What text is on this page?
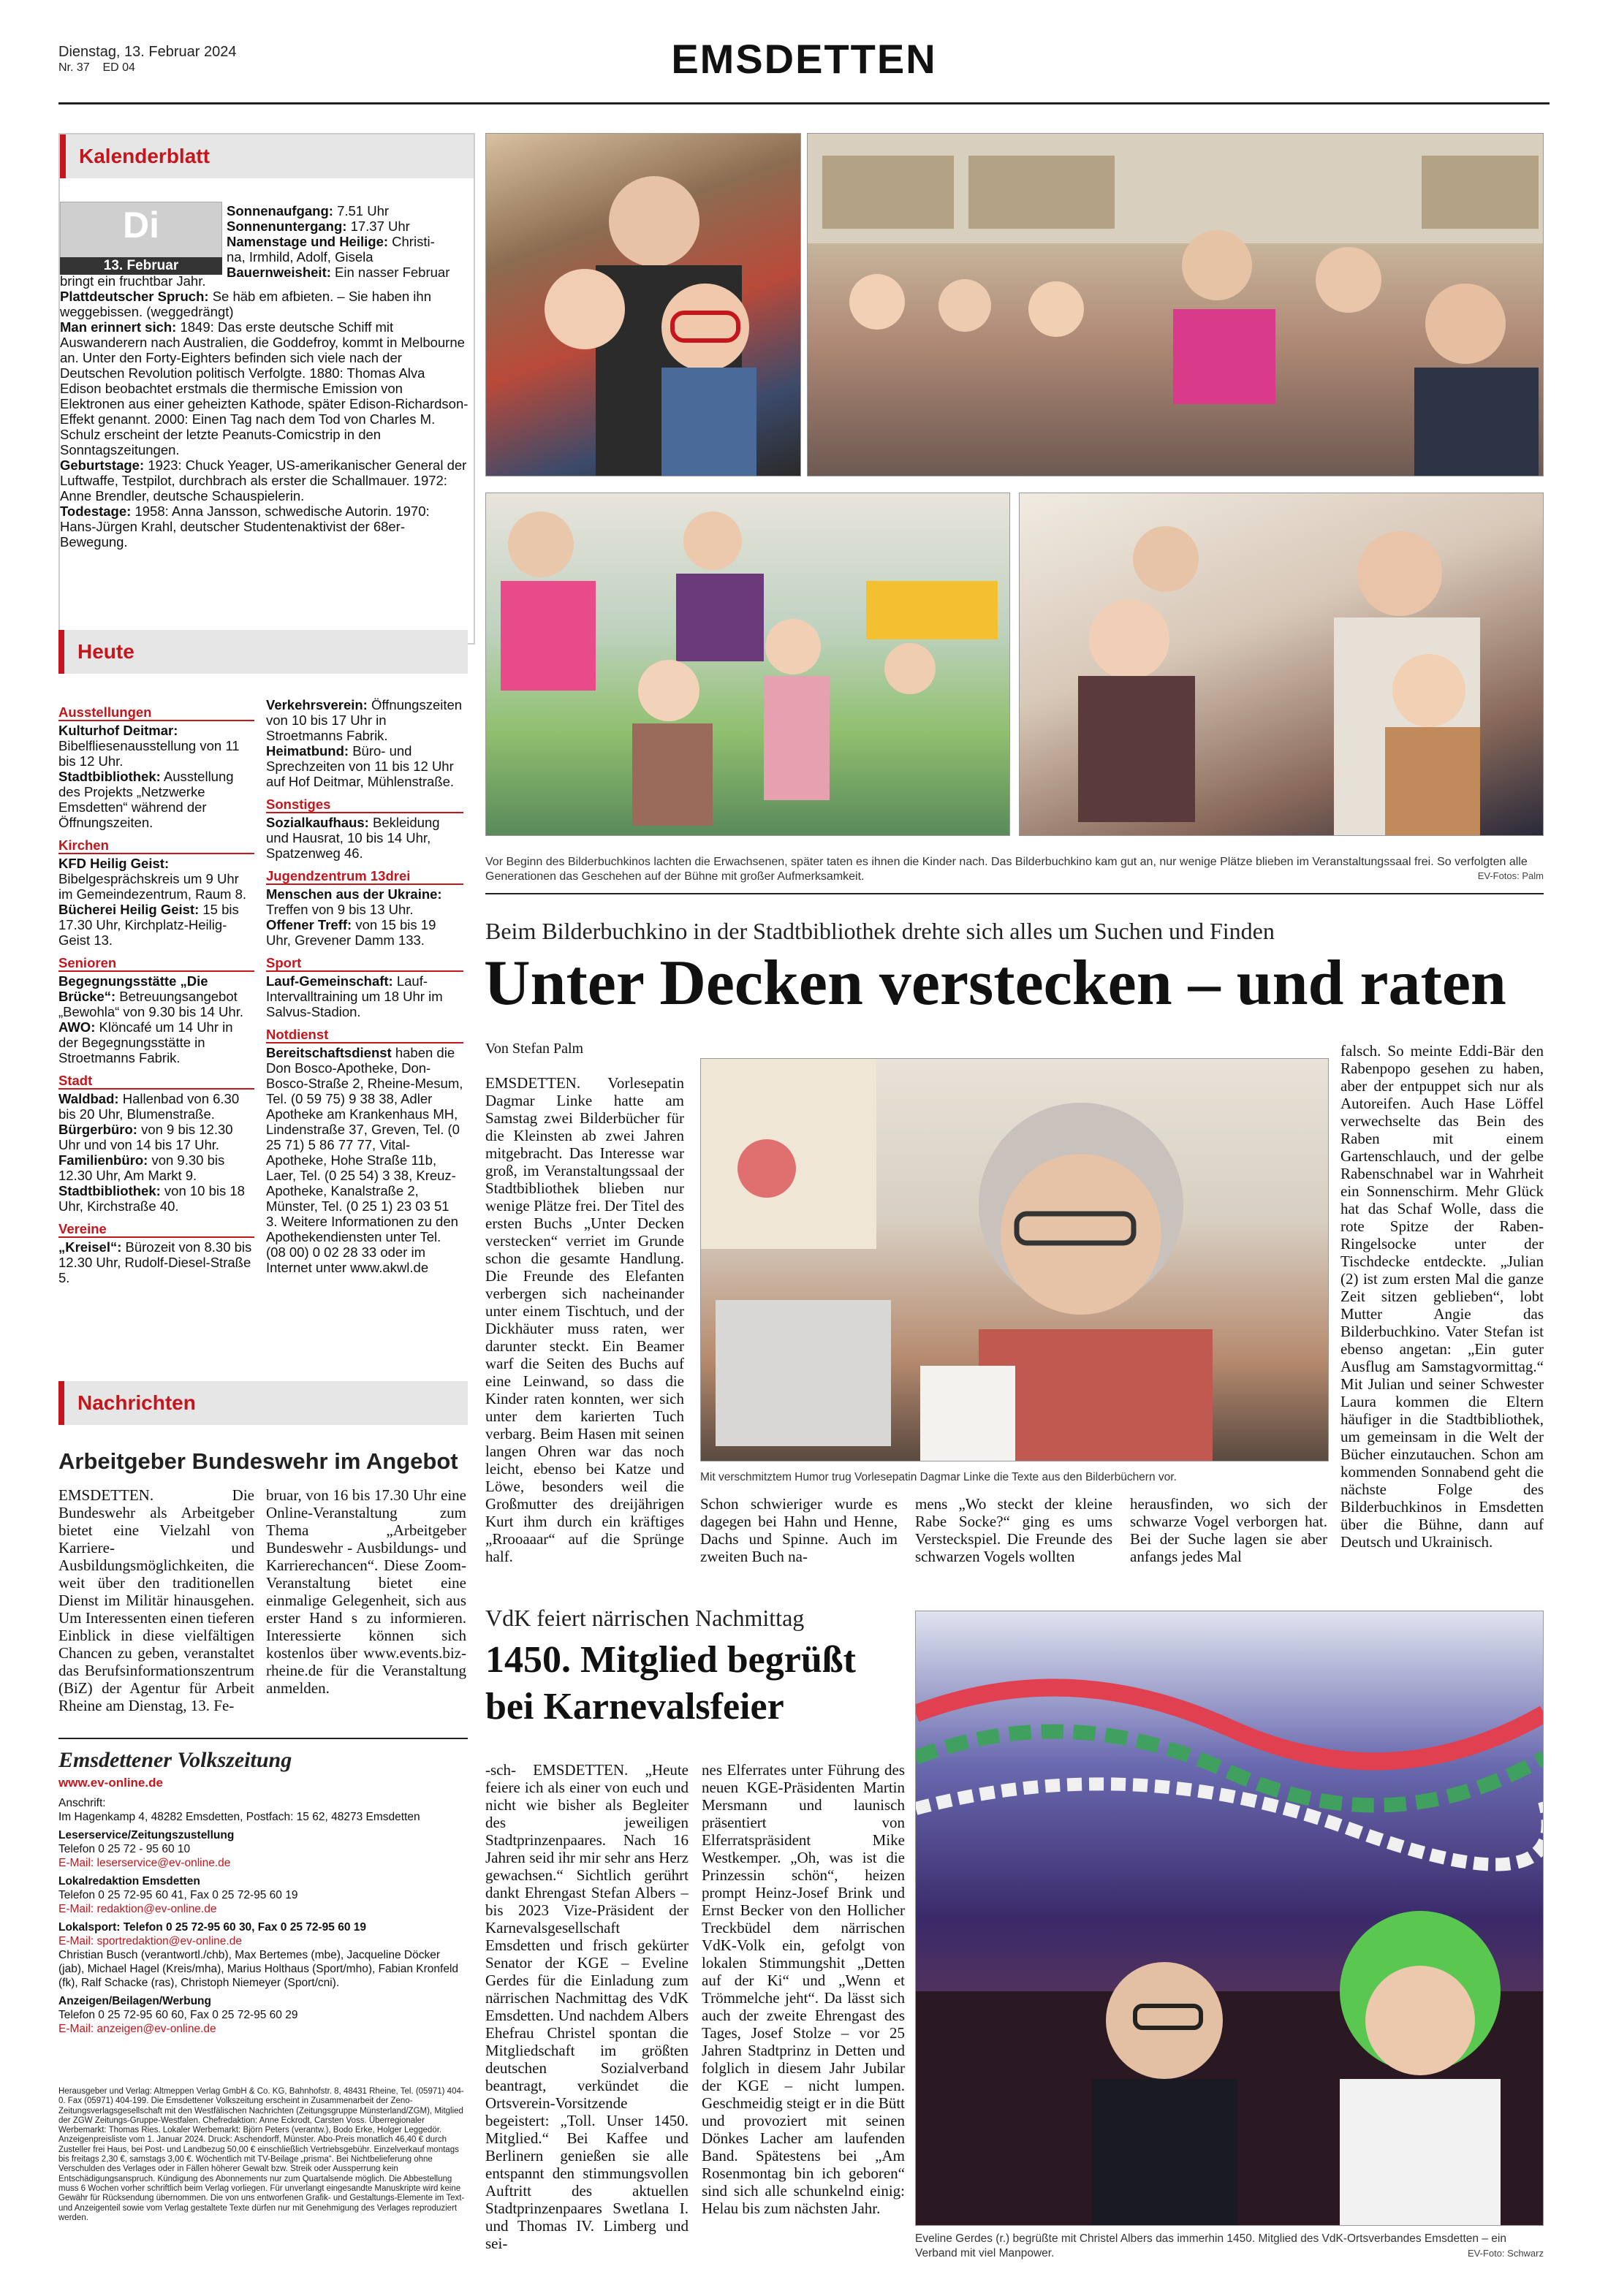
Dienstag, 13. Februar 2024
Nr. 37 ED 04	EMSDETTEN
Kalenderblatt
Di
13. Februar
Sonnenaufgang: 7.51 Uhr
Sonnenuntergang: 17.37 Uhr
Namenstage und Heilige: Christi-
na, Irmhild, Adolf, Gisela
Bauernweisheit: Ein nasser Februar
bringt ein fruchtbar Jahr.
Plattdeutscher Spruch: Se häb em afbieten. – Sie haben ihn weggebissen. (weggedrängt)
Man erinnert sich: 1849: Das erste deutsche Schiff mit Auswanderern nach Australien, die Goddefroy, kommt in Melbourne an. Unter den Forty-Eighters befinden sich viele nach der Deutschen Revolution politisch Verfolgte. 1880: Thomas Alva Edison beobachtet erstmals die thermische Emission von Elektronen aus einer geheizten Kathode, später Edison-Richardson-Effekt genannt. 2000: Einen Tag nach dem Tod von Charles M. Schulz erscheint der letzte Peanuts-Comicstrip in den Sonntagszeitungen.
Geburtstage: 1923: Chuck Yeager, US-amerikanischer General der Luftwaffe, Testpilot, durchbrach als erster die Schallmauer. 1972: Anne Brendler, deutsche Schauspielerin.
Todestage: 1958: Anna Jansson, schwedische Autorin. 1970: Hans-Jürgen Krahl, deutscher Studentenaktivist der 68er-Bewegung.
Heute
Ausstellungen
Kulturhof Deitmar: Bibelfliesenausstellung von 11 bis 12 Uhr.
Stadtbibliothek: Ausstellung des Projekts „Netzwerke Emsdetten“ während der Öffnungszeiten.
Kirchen
KFD Heilig Geist: Bibelgesprächskreis um 9 Uhr im Gemeindezentrum, Raum 8.
Bücherei Heilig Geist: 15 bis 17.30 Uhr, Kirchplatz-Heilig-Geist 13.
Senioren
Begegnungsstätte „Die Brücke“: Betreuungsangebot „Bewohla“ von 9.30 bis 14 Uhr.
AWO: Klöncafé um 14 Uhr in der Begegnungsstätte in Stroetmanns Fabrik.
Stadt
Waldbad: Hallenbad von 6.30 bis 20 Uhr, Blumenstraße.
Bürgerbüro: von 9 bis 12.30 Uhr und von 14 bis 17 Uhr.
Familienbüro: von 9.30 bis 12.30 Uhr, Am Markt 9.
Stadtbibliothek: von 10 bis 18 Uhr, Kirchstraße 40.
Vereine
„Kreisel“: Bürozeit von 8.30 bis 12.30 Uhr, Rudolf-Diesel-Straße 5.
Verkehrsverein: Öffnungszeiten von 10 bis 17 Uhr in Stroetmanns Fabrik.
Heimatbund: Büro- und Sprechzeiten von 11 bis 12 Uhr auf Hof Deitmar, Mühlenstraße.
Sonstiges
Sozialkaufhaus: Bekleidung und Hausrat, 10 bis 14 Uhr, Spatzenweg 46.
Jugendzentrum 13drei
Menschen aus der Ukraine: Treffen von 9 bis 13 Uhr.
Offener Treff: von 15 bis 19 Uhr, Grevener Damm 133.
Sport
Lauf-Gemeinschaft: Lauf-Intervalltraining um 18 Uhr im Salvus-Stadion.
Notdienst
Bereitschaftsdienst haben die Don Bosco-Apotheke, Don-Bosco-Straße 2, Rheine-Mesum, Tel. (0 59 75) 9 38 38, Adler Apotheke am Krankenhaus MH, Lindenstraße 37, Greven, Tel. (0 25 71) 5 86 77 77, Vital-Apotheke, Hohe Straße 11b, Laer, Tel. (0 25 54) 3 38, Kreuz-Apotheke, Kanalstraße 2, Münster, Tel. (0 25 1) 23 03 51 3. Weitere Informationen zu den Apothekendiensten unter Tel. (08 00) 0 02 28 33 oder im Internet unter www.akwl.de
Nachrichten
Arbeitgeber Bundeswehr im Angebot
EMSDETTEN. Die Bundeswehr als Arbeitgeber bietet eine Vielzahl von Karriere- und Ausbildungsmöglichkeiten, die weit über den traditionellen Dienst im Militär hinausgehen. Um Interessenten einen tieferen Einblick in diese vielfältigen Chancen zu geben, veranstaltet das Berufsinformationszentrum (BiZ) der Agentur für Arbeit Rheine am Dienstag, 13. Fe-
bruar, von 16 bis 17.30 Uhr eine Online-Veranstaltung zum Thema „Arbeitgeber Bundeswehr - Ausbildungs- und Karrierechancen“. Diese Zoom-Veranstaltung bietet eine einmalige Gelegenheit, sich aus erster Hand s zu informieren. Interessierte können sich kostenlos über www.events.biz-rheine.de für die Veranstaltung anmelden.
Emsdettener Volkszeitung
www.ev-online.de
Anschrift:
Im Hagenkamp 4, 48282 Emsdetten, Postfach: 15 62, 48273 Emsdetten
Leserservice/Zeitungszustellung
Telefon 0 25 72 - 95 60 10
E-Mail: leserservice@ev-online.de
Lokalredaktion Emsdetten
Telefon 0 25 72-95 60 41, Fax 0 25 72-95 60 19
E-Mail: redaktion@ev-online.de
Lokalsport: Telefon 0 25 72-95 60 30, Fax 0 25 72-95 60 19
E-Mail: sportredaktion@ev-online.de
Christian Busch (verantwortl./chb), Max Bertemes (mbe), Jacqueline Döcker (jab), Michael Hagel (Kreis/mha), Marius Holthaus (Sport/mho), Fabian Kronfeld (fk), Ralf Schacke (ras), Christoph Niemeyer (Sport/cni).
Anzeigen/Beilagen/Werbung
Telefon 0 25 72-95 60 60, Fax 0 25 72-95 60 29
E-Mail: anzeigen@ev-online.de
Herausgeber und Verlag: Altmeppen Verlag GmbH & Co. KG, Bahnhofstr. 8, 48431 Rheine, Tel. (05971) 404-0. Fax (05971) 404-199. Die Emsdettener Volkszeitung erscheint in Zusammenarbeit der Zeno-Zeitungsverlagsgesellschaft mit den Westfälischen Nachrichten (Zeitungsgruppe Münsterland/ZGM), Mitglied der ZGW Zeitungs-Gruppe-Westfalen. Chefredaktion: Anne Eckrodt, Carsten Voss. Überregionaler Werbemarkt: Thomas Ries. Lokaler Werbemarkt: Björn Peters (verantw.), Bodo Erke, Holger Leggedör. Anzeigenpreisliste vom 1. Januar 2024. Druck: Aschendorff, Münster. Abo-Preis monatlich 46,40 € durch Zusteller frei Haus, bei Post- und Landbezug 50,00 € einschließlich Vertriebsgebühr. Einzelverkauf montags bis freitags 2,30 €, samstags 3,00 €. Wöchentlich mit TV-Beilage „prisma“. Bei Nichtbelieferung ohne Verschulden des Verlages oder in Fällen höherer Gewalt bzw. Streik oder Aussperrung kein Entschädigungsanspruch. Kündigung des Abonnements nur zum Quartalsende möglich. Die Abbestellung muss 6 Wochen vorher schriftlich beim Verlag vorliegen. Für unverlangt eingesandte Manuskripte wird keine Gewähr für Rücksendung übernommen. Die von uns entworfenen Grafik- und Gestaltungs-Elemente im Text- und Anzeigenteil sowie vom Verlag gestaltete Texte dürfen nur mit Genehmigung des Verlages reproduziert werden.
Vor Beginn des Bilderbuchkinos lachten die Erwachsenen, später taten es ihnen die Kinder nach. Das Bilderbuchkino kam gut an, nur wenige Plätze blieben im Veranstaltungssaal frei. So verfolgten alle Generationen das Geschehen auf der Bühne mit großer Aufmerksamkeit.	EV-Fotos: Palm
Beim Bilderbuchkino in der Stadtbibliothek drehte sich alles um Suchen und Finden
Unter Decken verstecken – und raten
Von Stefan Palm
EMSDETTEN. Vorlesepatin Dagmar Linke hatte am Samstag zwei Bilderbücher für die Kleinsten ab zwei Jahren mitgebracht. Das Interesse war groß, im Veranstaltungssaal der Stadtbibliothek blieben nur wenige Plätze frei. Der Titel des ersten Buchs „Unter Decken verstecken“ verriet im Grunde schon die gesamte Handlung. Die Freunde des Elefanten verbergen sich nacheinander unter einem Tischtuch, und der Dickhäuter muss raten, wer darunter steckt. Ein Beamer warf die Seiten des Buchs auf eine Leinwand, so dass die Kinder raten konnten, wer sich unter dem karierten Tuch verbarg. Beim Hasen mit seinen langen Ohren war das noch leicht, ebenso bei Katze und Löwe, besonders weil die Großmutter des dreijährigen Kurt ihm durch ein kräftiges „Rrooaaar“ auf die Sprünge half.
Mit verschmitztem Humor trug Vorlesepatin Dagmar Linke die Texte aus den Bilderbüchern vor.
Schon schwieriger wurde es dagegen bei Hahn und Henne, Dachs und Spinne. Auch im zweiten Buch na-
mens „Wo steckt der kleine Rabe Socke?“ ging es ums Versteckspiel. Die Freunde des schwarzen Vogels wollten
herausfinden, wo sich der schwarze Vogel verborgen hat. Bei der Suche lagen sie aber anfangs jedes Mal
falsch. So meinte Eddi-Bär den Rabenpopo gesehen zu haben, aber der entpuppet sich nur als Autoreifen. Auch Hase Löffel verwechselte das Bein des Raben mit einem Gartenschlauch, und der gelbe Rabenschnabel war in Wahrheit ein Sonnenschirm. Mehr Glück hat das Schaf Wolle, dass die rote Spitze der Raben-Ringelsocke unter der Tischdecke entdeckte. „Julian (2) ist zum ersten Mal die ganze Zeit sitzen geblieben“, lobt Mutter Angie das Bilderbuchkino. Vater Stefan ist ebenso angetan: „Ein guter Ausflug am Samstagvormittag.“ Mit Julian und seiner Schwester Laura kommen die Eltern häufiger in die Stadtbibliothek, um gemeinsam in die Welt der Bücher einzutauchen. Schon am kommenden Sonnabend geht die nächste Folge des Bilderbuchkinos in Emsdetten über die Bühne, dann auf Deutsch und Ukrainisch.
VdK feiert närrischen Nachmittag
1450. Mitglied begrüßt
bei Karnevalsfeier
-sch- EMSDETTEN. „Heute feiere ich als einer von euch und nicht wie bisher als Begleiter des jeweiligen Stadtprinzenpaares. Nach 16 Jahren seid ihr mir sehr ans Herz gewachsen.“ Sichtlich gerührt dankt Ehrengast Stefan Albers – bis 2023 Vize-Präsident der Karnevalsgesellschaft Emsdetten und frisch gekürter Senator der KGE – Eveline Gerdes für die Einladung zum närrischen Nachmittag des VdK Emsdetten. Und nachdem Albers Ehefrau Christel spontan die Mitgliedschaft im größten deutschen Sozialverband beantragt, verkündet die Ortsverein-Vorsitzende begeistert: „Toll. Unser 1450. Mitglied.“ Bei Kaffee und Berlinern genießen sie alle entspannt den stimmungsvollen Auftritt des aktuellen Stadtprinzenpaares Swetlana I. und Thomas IV. Limberg und sei-
nes Elferrates unter Führung des neuen KGE-Präsidenten Martin Mersmann und launisch präsentiert von Elferratspräsident Mike Westkemper. „Oh, was ist die Prinzessin schön“, heizen prompt Heinz-Josef Brink und Ernst Becker von den Hollicher Treckbüdel dem närrischen VdK-Volk ein, gefolgt von lokalen Stimmungshit „Detten auf der Ki“ und „Wenn et Trömmelche jeht“. Da lässt sich auch der zweite Ehrengast des Tages, Josef Stolze – vor 25 Jahren Stadtprinz in Detten und folglich in diesem Jahr Jubilar der KGE – nicht lumpen. Geschmeidig steigt er in die Bütt und provoziert mit seinen Dönkes Lacher am laufenden Band. Spätestens bei „Am Rosenmontag bin ich geboren“ sind sich alle schunkelnd einig: Helau bis zum nächsten Jahr.
Eveline Gerdes (r.) begrüßte mit Christel Albers das immerhin 1450. Mitglied des VdK-Ortsverbandes Emsdetten – ein Verband mit viel Manpower.	EV-Foto: Schwarz
